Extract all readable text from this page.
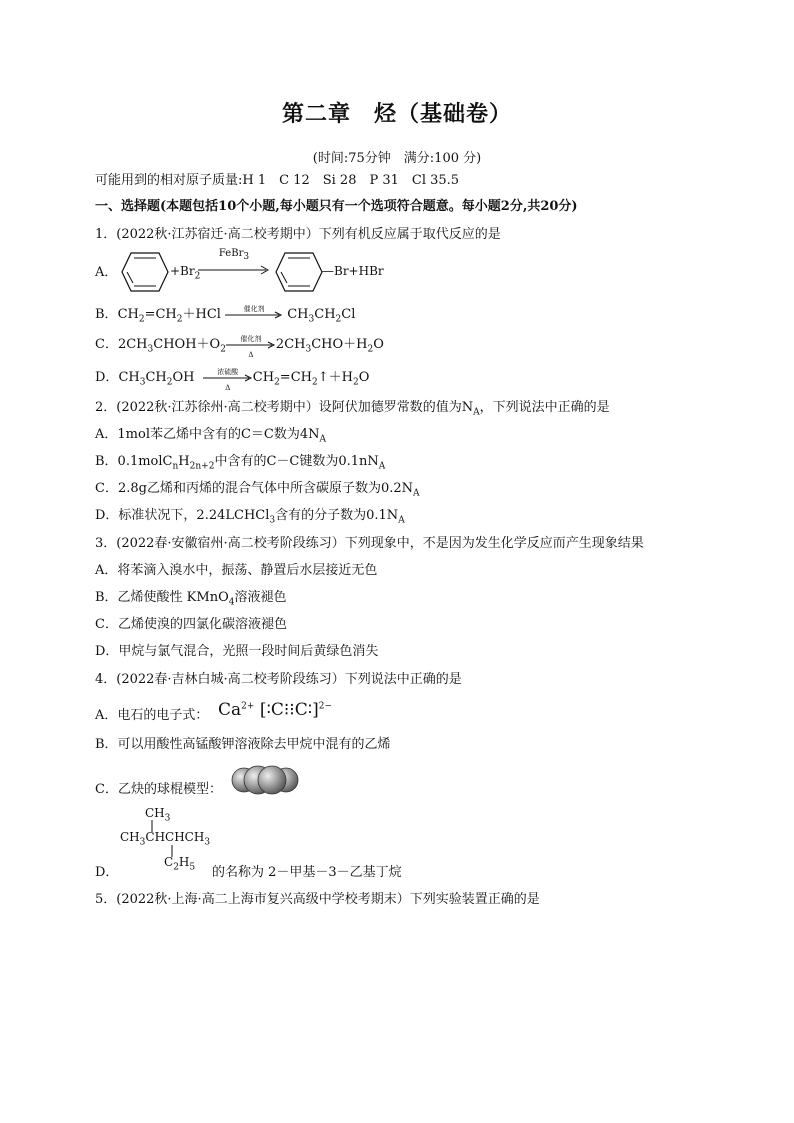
第二章　烃（基础卷）
(时间:75分钟　满分:100 分)
可能用到的相对原子质量:H 1　C 12　Si 28　P 31　Cl 35.5
一、选择题(本题包括10个小题,每小题只有一个选项符合题意。每小题2分,共20分)
1．(2022秋·江苏宿迁·高二校考期中）下列有机反应属于取代反应的是
A．	$+Br_2$
FeBr$_3$
—Br+HBr
B．$CH_2=CH_2+HCl$	催化剂	$CH_3CH_2Cl$
C．$2CH_3CHOH+O_2$
催化剂
Δ
$2CH_3CHO+H_2O$
D．$CH_3CH_2OH$	浓硫酸
Δ
$CH_2=CH_2↑+H_2O$
2．(2022秋·江苏徐州·高二校考期中）设阿伏加德罗常数的值为$N_A$，下列说法中正确的是
A．1mol苯乙烯中含有的C＝C数为$4N_A$
B．$0.1molC_nH_{2n+2}$中含有的C－C键数为$0.1nN_A$
C．2.8g乙烯和丙烯的混合气体中所含碳原子数为$0.2N_A$
D．标准状况下，2.24LCHCl$_3$含有的分子数为$0.1N_A$
3．(2022春·安徽宿州·高二校考阶段练习）下列现象中，不是因为发生化学反应而产生现象结果
A．将苯滴入溴水中，振荡、静置后水层接近无色
B．乙烯使酸性 KMnO$_4$溶液褪色
C．乙烯使溴的四氯化碳溶液褪色
D．甲烷与氯气混合，光照一段时间后黄绿色消失
4．(2022春·吉林白城·高二校考阶段练习）下列说法中正确的是
A．电石的电子式： $Ca^{2+}$ [∶C⁝⁝C∶]$^{2-}$
B．可以用酸性高锰酸钾溶液除去甲烷中混有的乙烯
C．乙炔的球棍模型：
$CH_3$
$CH_3CHCHCH_3$
$C_2H_5$
D．	的名称为 2－甲基－3－乙基丁烷
5．(2022秋·上海·高二上海市复兴高级中学校考期末）下列实验装置正确的是
